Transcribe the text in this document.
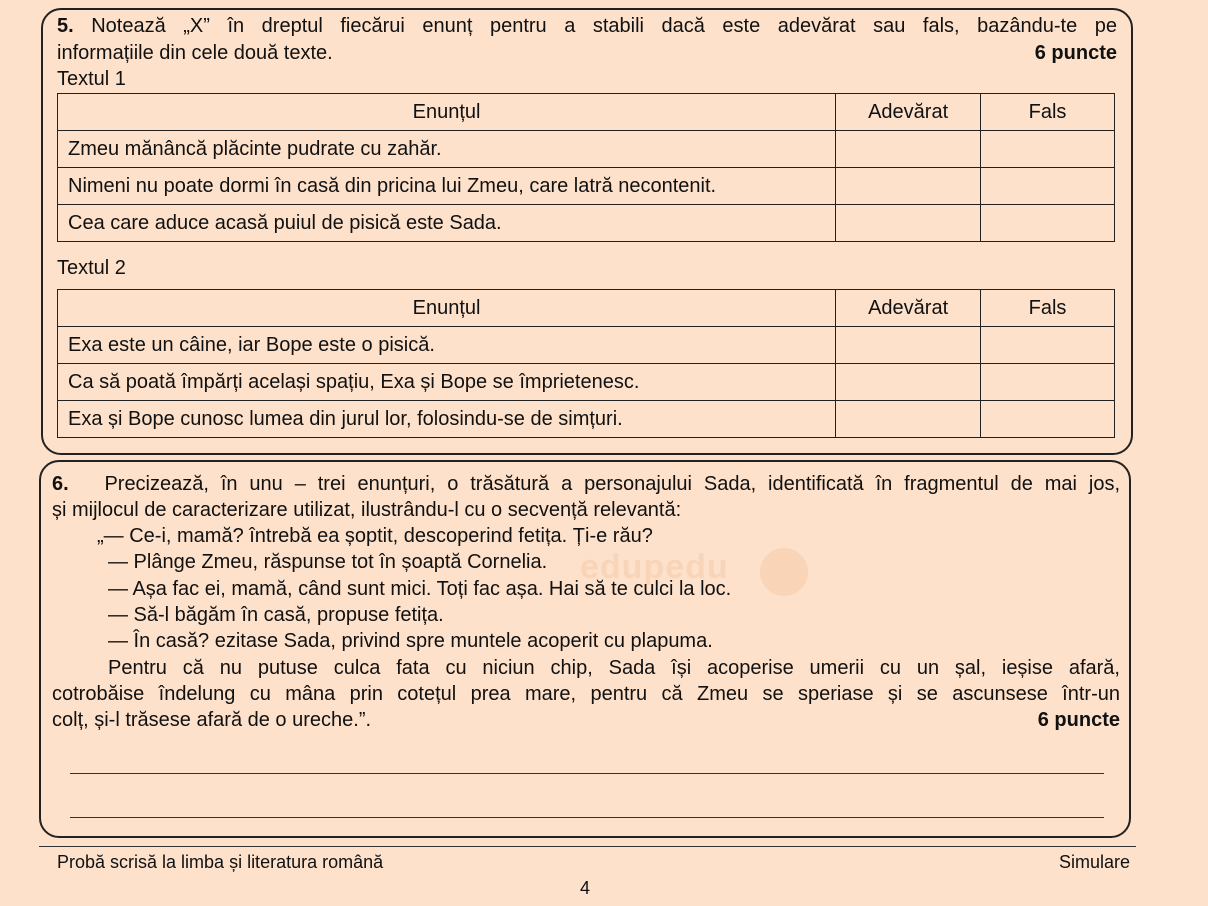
5. Notează „X” în dreptul fiecărui enunț pentru a stabili dacă este adevărat sau fals, bazându-te pe
informațiile din cele două texte.	6 puncte
Textul 1
Enunțul	Adevărat	Fals
Zmeu mănâncă plăcinte pudrate cu zahăr.		
Nimeni nu poate dormi în casă din pricina lui Zmeu, care latră necontenit.		
Cea care aduce acasă puiul de pisică este Sada.		
Textul 2
Enunțul	Adevărat	Fals
Exa este un câine, iar Bope este o pisică.		
Ca să poată împărți același spațiu, Exa și Bope se împrietenesc.		
Exa și Bope cunosc lumea din jurul lor, folosindu-se de simțuri.		
edupedu
6. Precizează, în unu – trei enunțuri, o trăsătură a personajului Sada, identificată în fragmentul de mai jos,
și mijlocul de caracterizare utilizat, ilustrându-l cu o secvență relevantă:
„— Ce-i, mamă? întrebă ea șoptit, descoperind fetița. Ți-e rău?
— Plânge Zmeu, răspunse tot în șoaptă Cornelia.
— Așa fac ei, mamă, când sunt mici. Toți fac așa. Hai să te culci la loc.
— Să-l băgăm în casă, propuse fetița.
— În casă? ezitase Sada, privind spre muntele acoperit cu plapuma.
Pentru că nu putuse culca fata cu niciun chip, Sada își acoperise umerii cu un șal, ieșise afară,
cotrobăise îndelung cu mâna prin cotețul prea mare, pentru că Zmeu se speriase și se ascunsese într-un
colț, și-l trăsese afară de o ureche.”.	6 puncte
Probă scrisă la limba și literatura română	Simulare
4
